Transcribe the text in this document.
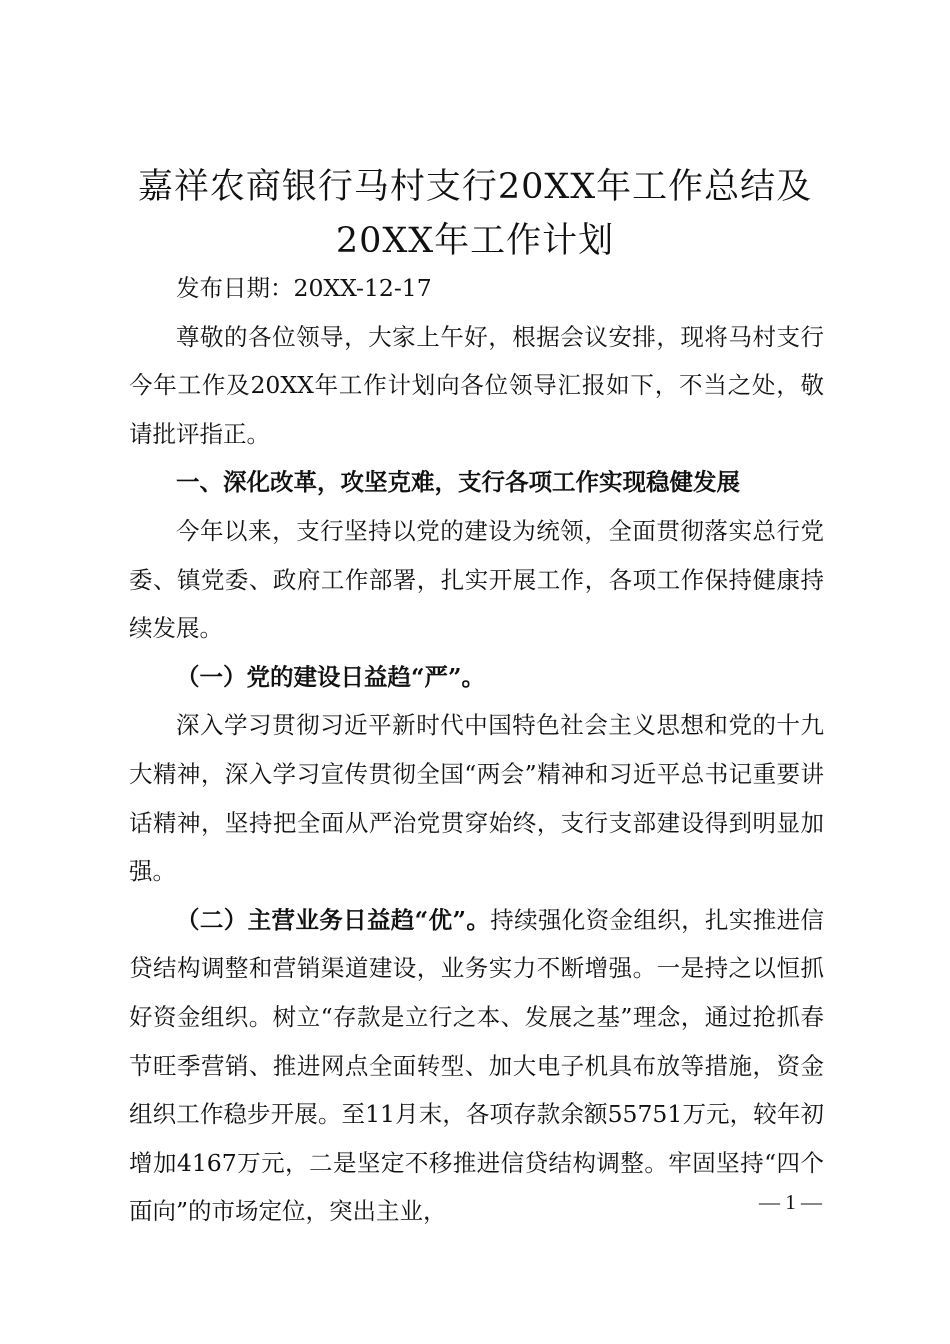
嘉祥农商银行马村支行20XX年工作总结及
20XX年工作计划

发布日期：20XX-12-17

尊敬的各位领导，大家上午好，根据会议安排，现将马村支行今年工作及20XX年工作计划向各位领导汇报如下，不当之处，敬请批评指正。

一、深化改革，攻坚克难，支行各项工作实现稳健发展

今年以来，支行坚持以党的建设为统领，全面贯彻落实总行党委、镇党委、政府工作部署，扎实开展工作，各项工作保持健康持续发展。

（一）党的建设日益趋“严”。

深入学习贯彻习近平新时代中国特色社会主义思想和党的十九大精神，深入学习宣传贯彻全国“两会”精神和习近平总书记重要讲话精神，坚持把全面从严治党贯穿始终，支行支部建设得到明显加强。

（二）主营业务日益趋“优”。持续强化资金组织，扎实推进信贷结构调整和营销渠道建设，业务实力不断增强。一是持之以恒抓好资金组织。树立“存款是立行之本、发展之基”理念，通过抢抓春节旺季营销、推进网点全面转型、加大电子机具布放等措施，资金组织工作稳步开展。至11月末，各项存款余额55751万元，较年初增加4167万元，二是坚定不移推进信贷结构调整。牢固坚持“四个面向”的市场定位，突出主业，	— 1 —
